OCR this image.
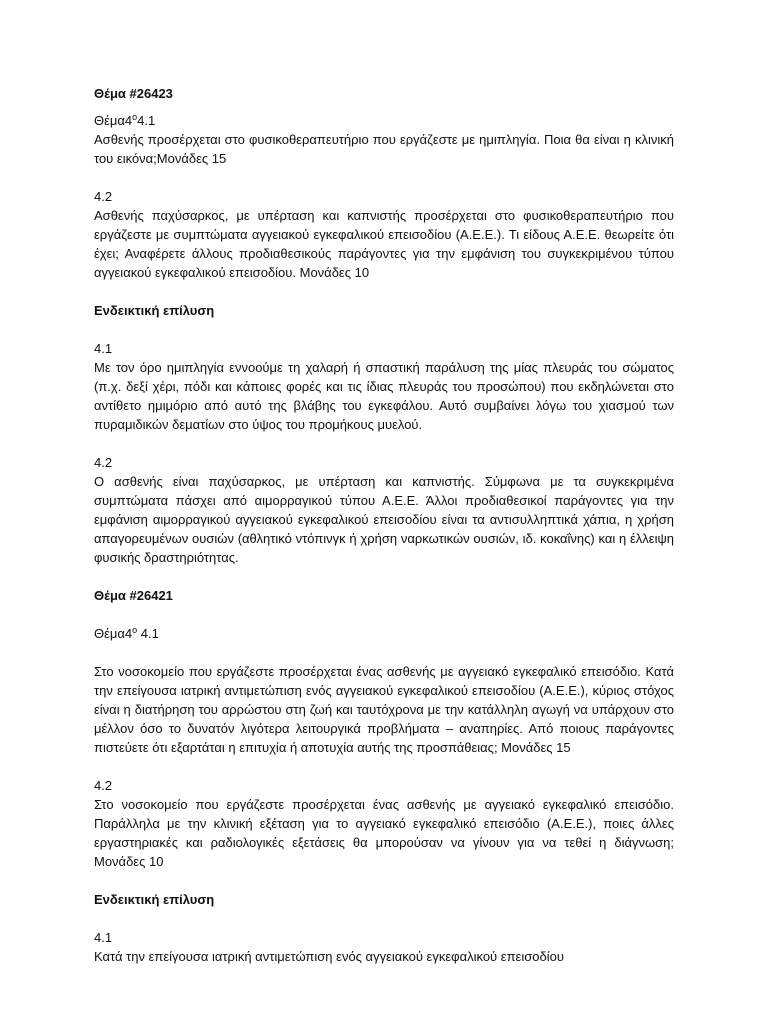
Θέμα #26423

$\Theta έ\mu\alpha 4^o4.1$

Ασθενής προσέρχεται στο φυσικοθεραπευτήριο που εργάζεστε με ημιπληγία. Ποια θα είναι η κλινική του εικόνα;Μονάδες 15

4.2

Ασθενής παχύσαρκος, με υπέρταση και καπνιστής προσέρχεται στο φυσικοθεραπευτήριο που εργάζεστε με συμπτώματα αγγειακού εγκεφαλικού επεισοδίου (Α.Ε.Ε.). Τι είδους Α.Ε.Ε. θεωρείτε ότι έχει; Αναφέρετε άλλους προδιαθεσικούς παράγοντες για την εμφάνιση του συγκεκριμένου τύπου αγγειακού εγκεφαλικού επεισοδίου. Μονάδες 10

Ενδεικτική επίλυση

4.1

Με τον όρο ημιπληγία εννοούμε τη χαλαρή ή σπαστική παράλυση της μίας πλευράς του σώματος (π.χ. δεξί χέρι, πόδι και κάποιες φορές και τις ίδιας πλευράς του προσώπου) που εκδηλώνεται στο αντίθετο ημιμόριο από αυτό της βλάβης του εγκεφάλου. Αυτό συμβαίνει λόγω του χιασμού των πυραμιδικών δεματίων στο ύψος του προμήκους μυελού.

4.2

Ο ασθενής είναι παχύσαρκος, με υπέρταση και καπνιστής. Σύμφωνα με τα συγκεκριμένα συμπτώματα πάσχει από αιμορραγικού τύπου Α.Ε.Ε. Άλλοι προδιαθεσικοί παράγοντες για την εμφάνιση αιμορραγικού αγγειακού εγκεφαλικού επεισοδίου είναι τα αντισυλληπτικά χάπια, η χρήση απαγορευμένων ουσιών (αθλητικό ντόπινγκ ή χρήση ναρκωτικών ουσιών, ιδ. κοκαΐνης) και η έλλειψη φυσικής δραστηριότητας.

Θέμα #26421

$\Theta έ\mu\alpha 4^o$ 4.1

Στο νοσοκομείο που εργάζεστε προσέρχεται ένας ασθενής με αγγειακό εγκεφαλικό επεισόδιο. Κατά την επείγουσα ιατρική αντιμετώπιση ενός αγγειακού εγκεφαλικού επεισοδίου (Α.Ε.Ε.), κύριος στόχος είναι η διατήρηση του αρρώστου στη ζωή και ταυτόχρονα με την κατάλληλη αγωγή να υπάρχουν στο μέλλον όσο το δυνατόν λιγότερα λειτουργικά προβλήματα – αναπηρίες. Από ποιους παράγοντες πιστεύετε ότι εξαρτάται η επιτυχία ή αποτυχία αυτής της προσπάθειας; Μονάδες 15

4.2

Στο νοσοκομείο που εργάζεστε προσέρχεται ένας ασθενής με αγγειακό εγκεφαλικό επεισόδιο. Παράλληλα με την κλινική εξέταση για το αγγειακό εγκεφαλικό επεισόδιο (Α.Ε.Ε.), ποιες άλλες εργαστηριακές και ραδιολογικές εξετάσεις θα μπορούσαν να γίνουν για να τεθεί η διάγνωση; Μονάδες 10

Ενδεικτική επίλυση

4.1

Κατά την επείγουσα ιατρική αντιμετώπιση ενός αγγειακού εγκεφαλικού επεισοδίου
